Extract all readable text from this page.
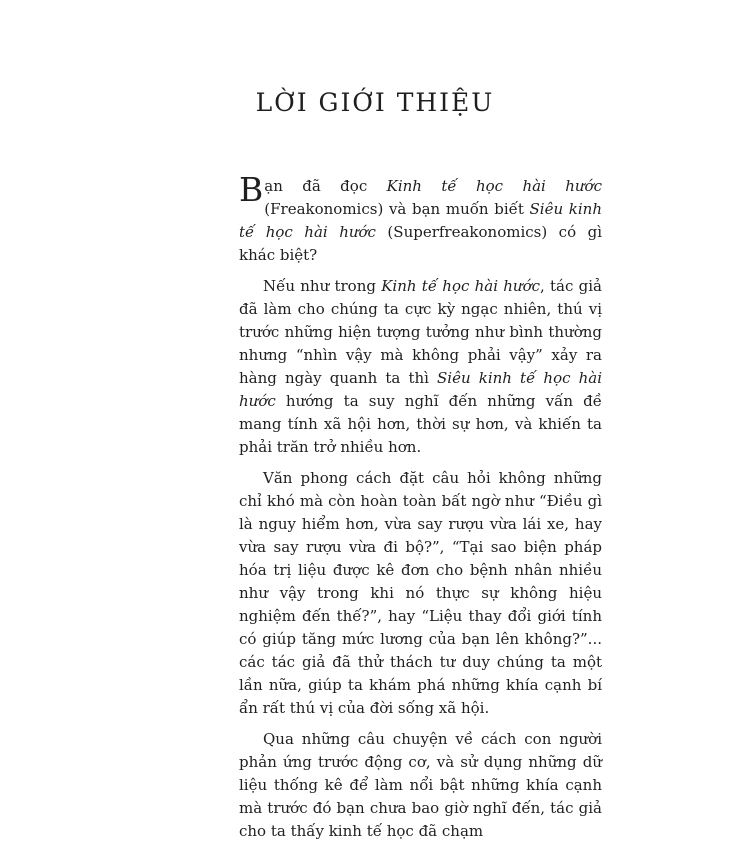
LỜI GIỚI THIỆU

Bạn đã đọc Kinh tế học hài hước (Freakonomics) và bạn muốn biết Siêu kinh tế học hài hước (Superfreakonomics) có gì khác biệt?

Nếu như trong Kinh tế học hài hước, tác giả đã làm cho chúng ta cực kỳ ngạc nhiên, thú vị trước những hiện tượng tưởng như bình thường nhưng “nhìn vậy mà không phải vậy” xảy ra hàng ngày quanh ta thì Siêu kinh tế học hài hước hướng ta suy nghĩ đến những vấn đề mang tính xã hội hơn, thời sự hơn, và khiến ta phải trăn trở nhiều hơn.

Văn phong cách đặt câu hỏi không những chỉ khó mà còn hoàn toàn bất ngờ như “Điều gì là nguy hiểm hơn, vừa say rượu vừa lái xe, hay vừa say rượu vừa đi bộ?”, “Tại sao biện pháp hóa trị liệu được kê đơn cho bệnh nhân nhiều như vậy trong khi nó thực sự không hiệu nghiệm đến thế?”, hay “Liệu thay đổi giới tính có giúp tăng mức lương của bạn lên không?”... các tác giả đã thử thách tư duy chúng ta một lần nữa, giúp ta khám phá những khía cạnh bí ẩn rất thú vị của đời sống xã hội.

Qua những câu chuyện về cách con người phản ứng trước động cơ, và sử dụng những dữ liệu thống kê để làm nổi bật những khía cạnh mà trước đó bạn chưa bao giờ nghĩ đến, tác giả cho ta thấy kinh tế học đã chạm
